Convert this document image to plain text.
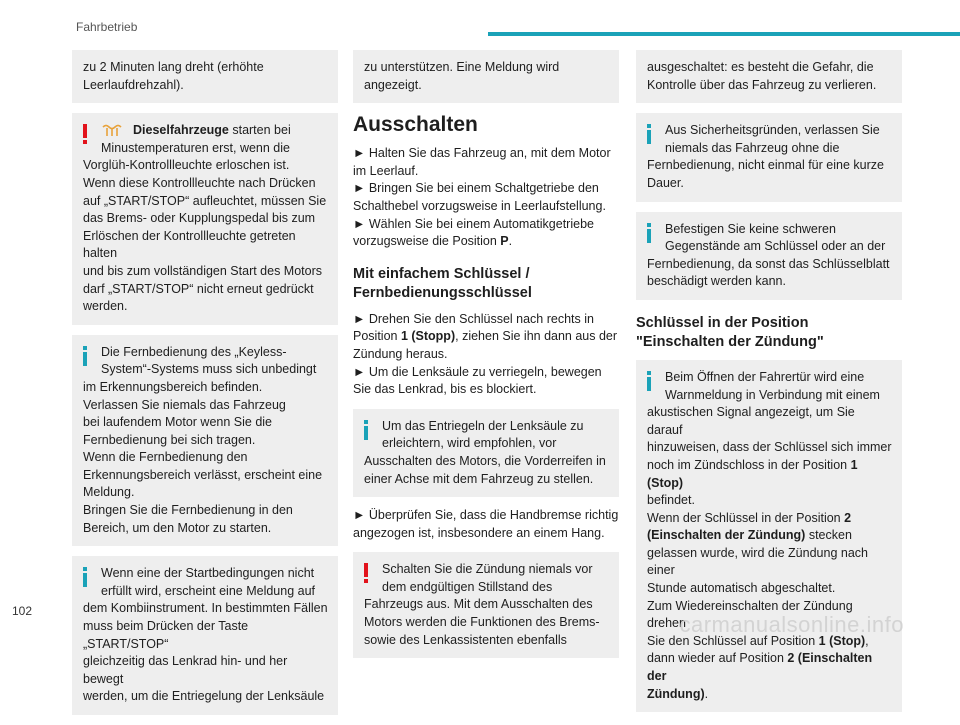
Fahrbetrieb

zu 2 Minuten lang dreht (erhöhte

Leerlaufdrehzahl).

Dieselfahrzeuge starten bei

Minustemperaturen erst, wenn die

Vorglüh-Kontrollleuchte erloschen ist.

Wenn diese Kontrollleuchte nach Drücken

auf „START/STOP“ aufleuchtet, müssen Sie

das Brems- oder Kupplungspedal bis zum

Erlöschen der Kontrollleuchte getreten halten

und bis zum vollständigen Start des Motors

darf „START/STOP“ nicht erneut gedrückt

werden.

Die Fernbedienung des „Keyless-

System“-Systems muss sich unbedingt

im Erkennungsbereich befinden.

Verlassen Sie niemals das Fahrzeug

bei laufendem Motor wenn Sie die

Fernbedienung bei sich tragen.

Wenn die Fernbedienung den

Erkennungsbereich verlässt, erscheint eine

Meldung.

Bringen Sie die Fernbedienung in den

Bereich, um den Motor zu starten.

Wenn eine der Startbedingungen nicht

erfüllt wird, erscheint eine Meldung auf

dem Kombiinstrument. In bestimmten Fällen

muss beim Drücken der Taste „START/STOP“

gleichzeitig das Lenkrad hin- und her bewegt

werden, um die Entriegelung der Lenksäule

zu unterstützen. Eine Meldung wird

angezeigt.

Ausschalten

► Halten Sie das Fahrzeug an, mit dem Motor

im Leerlauf.

► Bringen Sie bei einem Schaltgetriebe den

Schalthebel vorzugsweise in Leerlaufstellung.

► Wählen Sie bei einem Automatikgetriebe

vorzugsweise die Position P.

Mit einfachem Schlüssel /
Fernbedienungsschlüssel

► Drehen Sie den Schlüssel nach rechts in

Position 1 (Stopp), ziehen Sie ihn dann aus der

Zündung heraus.

► Um die Lenksäule zu verriegeln, bewegen

Sie das Lenkrad, bis es blockiert.

Um das Entriegeln der Lenksäule zu

erleichtern, wird empfohlen, vor

Ausschalten des Motors, die Vorderreifen in

einer Achse mit dem Fahrzeug zu stellen.

► Überprüfen Sie, dass die Handbremse richtig

angezogen ist, insbesondere an einem Hang.

Schalten Sie die Zündung niemals vor

dem endgültigen Stillstand des

Fahrzeugs aus. Mit dem Ausschalten des

Motors werden die Funktionen des Brems-

sowie des Lenkassistenten ebenfalls

ausgeschaltet: es besteht die Gefahr, die

Kontrolle über das Fahrzeug zu verlieren.

Aus Sicherheitsgründen, verlassen Sie

niemals das Fahrzeug ohne die

Fernbedienung, nicht einmal für eine kurze

Dauer.

Befestigen Sie keine schweren

Gegenstände am Schlüssel oder an der

Fernbedienung, da sonst das Schlüsselblatt

beschädigt werden kann.

Schlüssel in der Position
"Einschalten der Zündung"

Beim Öffnen der Fahrertür wird eine

Warnmeldung in Verbindung mit einem

akustischen Signal angezeigt, um Sie darauf

hinzuweisen, dass der Schlüssel sich immer

noch im Zündschloss in der Position 1 (Stop)

befindet.

Wenn der Schlüssel in der Position 2

(Einschalten der Zündung) stecken

gelassen wurde, wird die Zündung nach einer

Stunde automatisch abgeschaltet.

Zum Wiedereinschalten der Zündung drehen

Sie den Schlüssel auf Position 1 (Stop),

dann wieder auf Position 2 (Einschalten der

Zündung).

102
carmanualsonline.info
